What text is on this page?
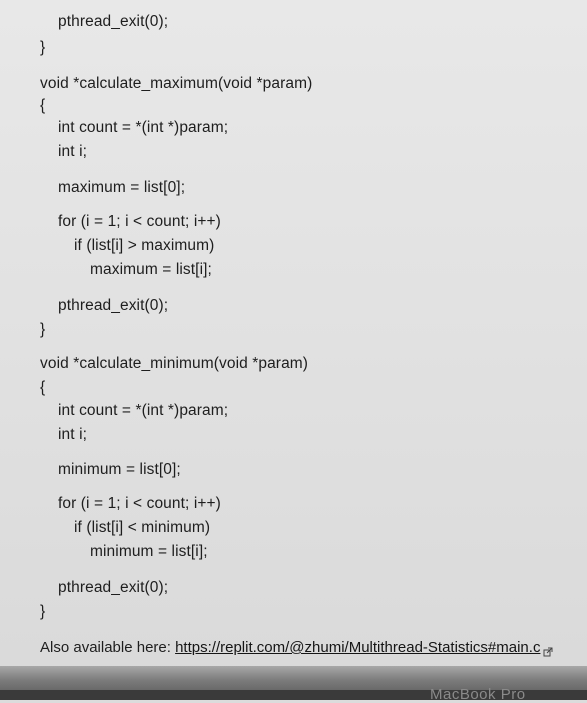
pthread_exit(0);
}
void *calculate_maximum(void *param)
{
int count = *(int *)param;
int i;
maximum = list[0];
for (i = 1; i < count; i++)
if (list[i] > maximum)
maximum = list[i];
pthread_exit(0);
}
void *calculate_minimum(void *param)
{
int count = *(int *)param;
int i;
minimum = list[0];
for (i = 1; i < count; i++)
if (list[i] < minimum)
minimum = list[i];
pthread_exit(0);
}
Also available here: https://replit.com/@zhumi/Multithread-Statistics#main.c
MacBook Pro
